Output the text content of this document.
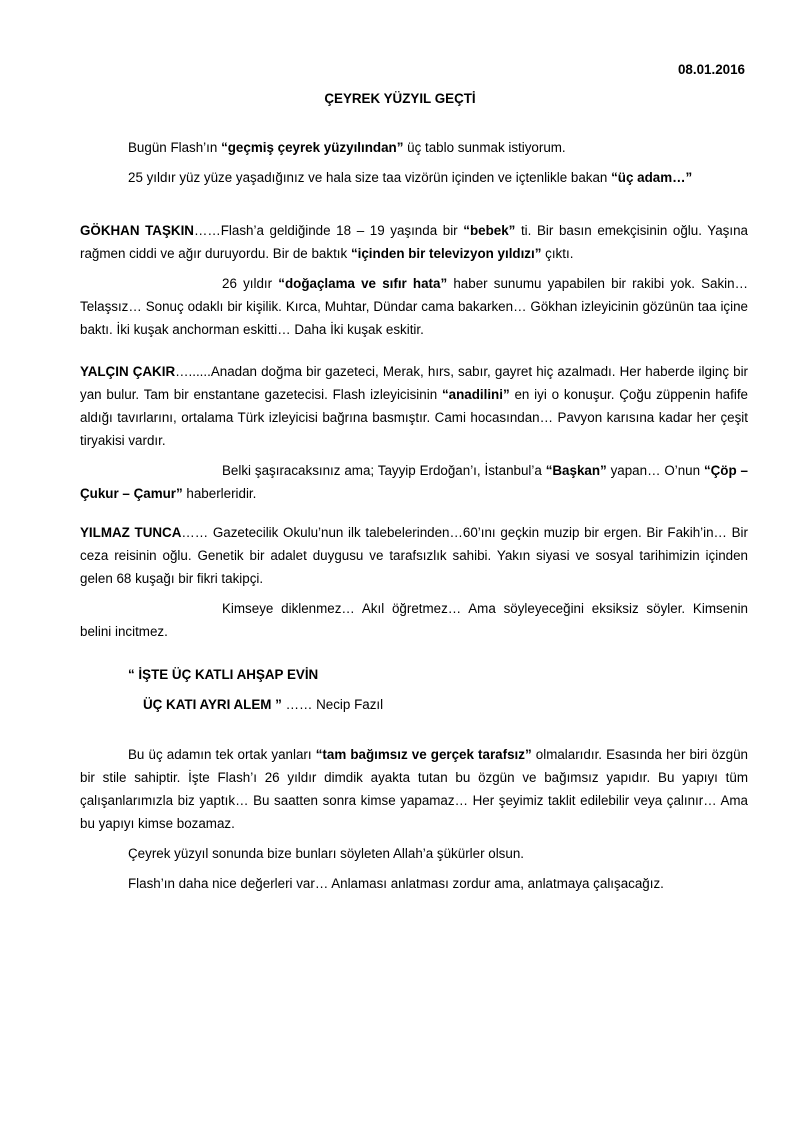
08.01.2016
ÇEYREK YÜZYIL GEÇTİ

Bugün Flash’ın “geçmiş çeyrek yüzyılından” üç tablo sunmak istiyorum.

25 yıldır yüz yüze yaşadığınız ve hala size taa vizörün içinden ve içtenlikle bakan “üç adam…”

GÖKHAN TAŞKIN……Flash’a geldiğinde 18 – 19 yaşında bir “bebek” ti. Bir basın emekçisinin oğlu. Yaşına rağmen ciddi ve ağır duruyordu. Bir de baktık “içinden bir televizyon yıldızı” çıktı.

26 yıldır “doğaçlama ve sıfır hata” haber sunumu yapabilen bir rakibi yok. Sakin… Telaşsız… Sonuç odaklı bir kişilik. Kırca, Muhtar, Dündar cama bakarken… Gökhan izleyicinin gözünün taa içine baktı. İki kuşak anchorman eskitti… Daha İki kuşak eskitir.

YALÇIN ÇAKIR…......Anadan doğma bir gazeteci, Merak, hırs, sabır, gayret hiç azalmadı. Her haberde ilginç bir yan bulur. Tam bir enstantane gazetecisi. Flash izleyicisinin “anadilini” en iyi o konuşur. Çoğu züppenin hafife aldığı tavırlarını, ortalama Türk izleyicisi bağrına basmıştır. Cami hocasından… Pavyon karısına kadar her çeşit tiryakisi vardır.

Belki şaşıracaksınız ama; Tayyip Erdoğan’ı, İstanbul’a “Başkan” yapan… O’nun “Çöp – Çukur – Çamur” haberleridir.

YILMAZ TUNCA…… Gazetecilik Okulu’nun ilk talebelerinden…60’ını geçkin muzip bir ergen. Bir Fakih’in… Bir ceza reisinin oğlu. Genetik bir adalet duygusu ve tarafsızlık sahibi. Yakın siyasi ve sosyal tarihimizin içinden gelen 68 kuşağı bir fikri takipçi.

Kimseye diklenmez… Akıl öğretmez… Ama söyleyeceğini eksiksiz söyler. Kimsenin belini incitmez.

“ İŞTE ÜÇ KATLI AHŞAP EVİN

ÜÇ KATI AYRI ALEM ” …… Necip Fazıl

Bu üç adamın tek ortak yanları “tam bağımsız ve gerçek tarafsız” olmalarıdır. Esasında her biri özgün bir stile sahiptir. İşte Flash’ı 26 yıldır dimdik ayakta tutan bu özgün ve bağımsız yapıdır. Bu yapıyı tüm çalışanlarımızla biz yaptık… Bu saatten sonra kimse yapamaz… Her şeyimiz taklit edilebilir veya çalınır… Ama bu yapıyı kimse bozamaz.

Çeyrek yüzyıl sonunda bize bunları söyleten Allah’a şükürler olsun.

Flash’ın daha nice değerleri var… Anlaması anlatması zordur ama, anlatmaya çalışacağız.
